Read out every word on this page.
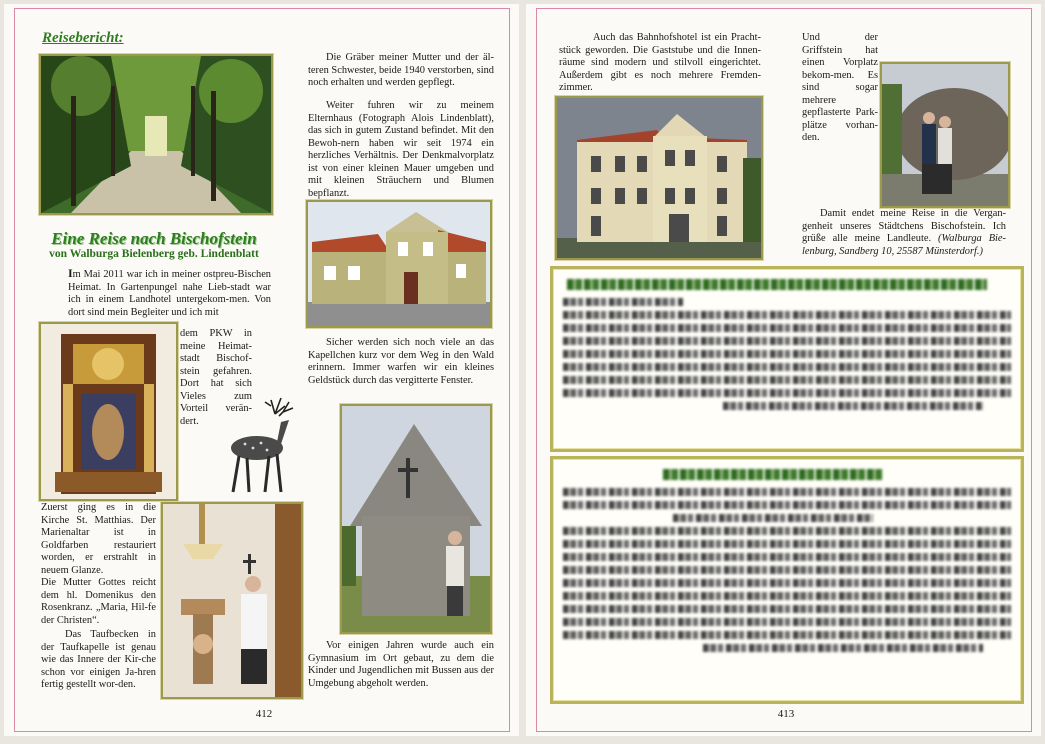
Reisebericht:
Eine Reise nach Bischofstein
von Walburga Bielenberg geb. Lindenblatt
Im Mai 2011 war ich in meiner ostpreu-Bischen Heimat. In Gartenpungel nahe Lieb-stadt war ich in einem Landhotel untergekom-men. Von dort sind mein Begleiter und ich mit
dem PKW in meine Heimat-stadt Bischof-stein gefahren. Dort hat sich Vieles zum Vorteil verän-dert.
Zuerst ging es in die Kirche St. Matthias. Der Marienaltar ist in Goldfarben restauriert worden, er erstrahlt in neuem Glanze.
Die Mutter Gottes reicht dem hl. Domenikus den Rosenkranz. „Maria, Hil-fe der Christen“.
Das Taufbecken in der Taufkapelle ist genau wie das Innere der Kir-che schon vor einigen Ja-hren fertig gestellt wor-den.
Die Gräber meiner Mutter und der äl-teren Schwester, beide 1940 verstorben, sind noch erhalten und werden gepflegt.
Weiter fuhren wir zu meinem Elternhaus (Fotograph Alois Lindenblatt), das sich in gutem Zustand befindet. Mit den Bewoh-nern haben wir seit 1974 ein herzliches Verhältnis. Der Denkmalvorplatz ist von einer kleinen Mauer umgeben und mit kleinen Sträuchern und Blumen bepflanzt.
Sicher werden sich noch viele an das Kapellchen kurz vor dem Weg in den Wald erinnern. Immer warfen wir ein kleines Geldstück durch das vergitterte Fenster.
Vor einigen Jahren wurde auch ein Gymnasium im Ort gebaut, zu dem die Kinder und Jugendlichen mit Bussen aus der Umgebung abgeholt werden.
412
Auch das Bahnhofshotel ist ein Pracht-stück geworden. Die Gaststube und die Innen-räume sind modern und stilvoll eingerichtet. Außerdem gibt es noch mehrere Fremden-zimmer.
Und der Griffstein hat einen Vorplatz bekom-men. Es sind sogar mehrere gepflasterte Park-plätze vorhan-den.
Damit endet meine Reise in die Vergan-genheit unseres Städtchens Bischofstein. Ich grüße alle meine Landleute. (Walburga Bie-lenburg, Sandberg 10, 25587 Münsterdorf.)
413
